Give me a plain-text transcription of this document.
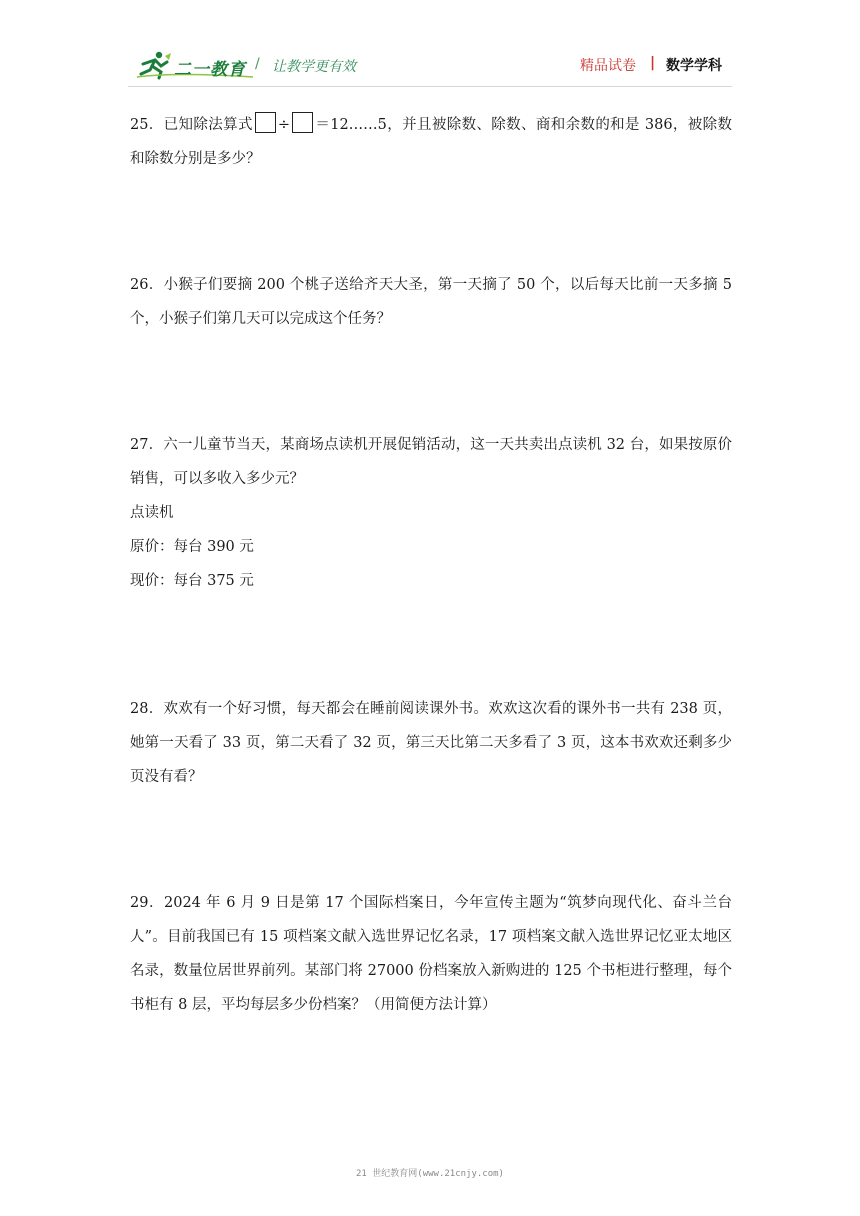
二一教育 / 让教学更有效	精品试卷 | 数学学科
25．已知除法算式 ÷ ＝12……5，并且被除数、除数、商和余数的和是 386，被除数和除数分别是多少？
26．小猴子们要摘 200 个桃子送给齐天大圣，第一天摘了 50 个，以后每天比前一天多摘 5 个，小猴子们第几天可以完成这个任务？
27．六一儿童节当天，某商场点读机开展促销活动，这一天共卖出点读机 32 台，如果按原价销售，可以多收入多少元？
点读机
原价：每台 390 元
现价：每台 375 元
28．欢欢有一个好习惯，每天都会在睡前阅读课外书。欢欢这次看的课外书一共有 238 页，她第一天看了 33 页，第二天看了 32 页，第三天比第二天多看了 3 页，这本书欢欢还剩多少页没有看？
29．2024 年 6 月 9 日是第 17 个国际档案日，今年宣传主题为“筑梦向现代化、奋斗兰台人”。目前我国已有 15 项档案文献入选世界记忆名录，17 项档案文献入选世界记忆亚太地区名录，数量位居世界前列。某部门将 27000 份档案放入新购进的 125 个书柜进行整理，每个书柜有 8 层，平均每层多少份档案？（用简便方法计算）
21 世纪教育网(www.21cnjy.com)
